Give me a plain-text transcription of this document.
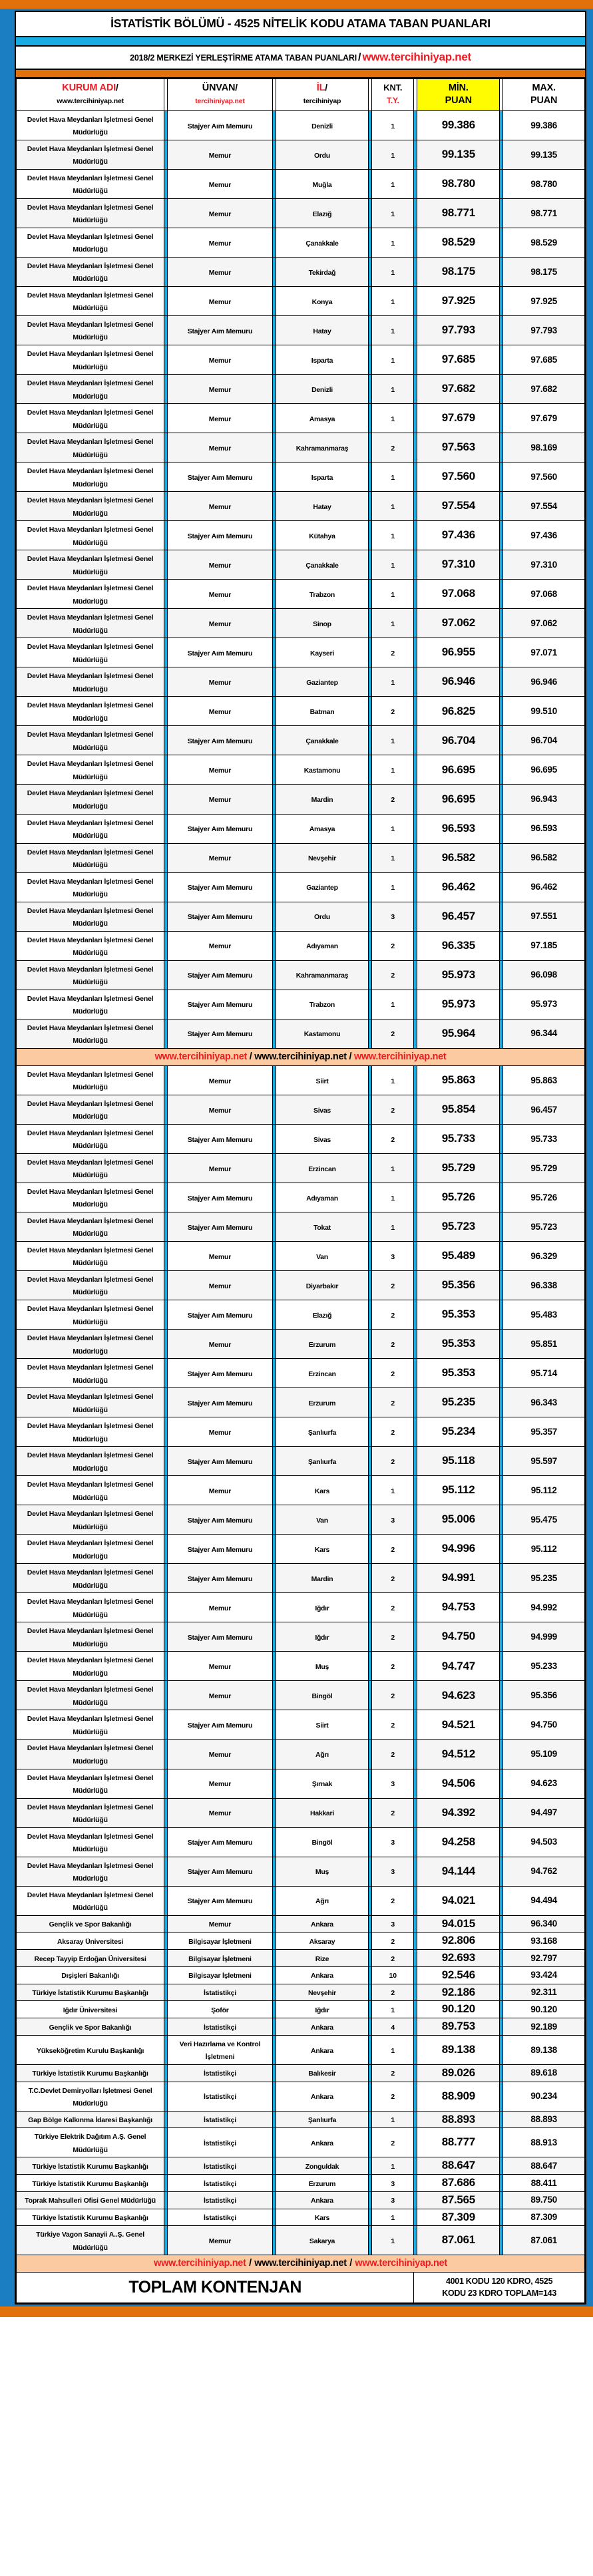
İSTATİSTİK BÖLÜMÜ - 4525 NİTELİK KODU ATAMA TABAN PUANLARI
2018/2 MERKEZİ YERLEŞTİRME ATAMA TABAN PUANLARI / www.tercihiniyap.net
KURUM ADI/
www.tercihiniyap.net

ÜNVAN/
tercihiniyap.net

İL/
tercihiniyap

KNT.
T.Y.

MİN.
PUAN

MAX.
PUAN

Devlet Hava Meydanları İşletmesi Genel Müdürlüğü		Stajyer Aım Memuru		Denizli		1		99.386		99.386
Devlet Hava Meydanları İşletmesi Genel Müdürlüğü		Memur		Ordu		1		99.135		99.135
Devlet Hava Meydanları İşletmesi Genel Müdürlüğü		Memur		Muğla		1		98.780		98.780
Devlet Hava Meydanları İşletmesi Genel Müdürlüğü		Memur		Elazığ		1		98.771		98.771
Devlet Hava Meydanları İşletmesi Genel Müdürlüğü		Memur		Çanakkale		1		98.529		98.529
Devlet Hava Meydanları İşletmesi Genel Müdürlüğü		Memur		Tekirdağ		1		98.175		98.175
Devlet Hava Meydanları İşletmesi Genel Müdürlüğü		Memur		Konya		1		97.925		97.925
Devlet Hava Meydanları İşletmesi Genel Müdürlüğü		Stajyer Aım Memuru		Hatay		1		97.793		97.793
Devlet Hava Meydanları İşletmesi Genel Müdürlüğü		Memur		Isparta		1		97.685		97.685
Devlet Hava Meydanları İşletmesi Genel Müdürlüğü		Memur		Denizli		1		97.682		97.682
Devlet Hava Meydanları İşletmesi Genel Müdürlüğü		Memur		Amasya		1		97.679		97.679
Devlet Hava Meydanları İşletmesi Genel Müdürlüğü		Memur		Kahramanmaraş		2		97.563		98.169
Devlet Hava Meydanları İşletmesi Genel Müdürlüğü		Stajyer Aım Memuru		Isparta		1		97.560		97.560
Devlet Hava Meydanları İşletmesi Genel Müdürlüğü		Memur		Hatay		1		97.554		97.554
Devlet Hava Meydanları İşletmesi Genel Müdürlüğü		Stajyer Aım Memuru		Kütahya		1		97.436		97.436
Devlet Hava Meydanları İşletmesi Genel Müdürlüğü		Memur		Çanakkale		1		97.310		97.310
Devlet Hava Meydanları İşletmesi Genel Müdürlüğü		Memur		Trabzon		1		97.068		97.068
Devlet Hava Meydanları İşletmesi Genel Müdürlüğü		Memur		Sinop		1		97.062		97.062
Devlet Hava Meydanları İşletmesi Genel Müdürlüğü		Stajyer Aım Memuru		Kayseri		2		96.955		97.071
Devlet Hava Meydanları İşletmesi Genel Müdürlüğü		Memur		Gaziantep		1		96.946		96.946
Devlet Hava Meydanları İşletmesi Genel Müdürlüğü		Memur		Batman		2		96.825		99.510
Devlet Hava Meydanları İşletmesi Genel Müdürlüğü		Stajyer Aım Memuru		Çanakkale		1		96.704		96.704
Devlet Hava Meydanları İşletmesi Genel Müdürlüğü		Memur		Kastamonu		1		96.695		96.695
Devlet Hava Meydanları İşletmesi Genel Müdürlüğü		Memur		Mardin		2		96.695		96.943
Devlet Hava Meydanları İşletmesi Genel Müdürlüğü		Stajyer Aım Memuru		Amasya		1		96.593		96.593
Devlet Hava Meydanları İşletmesi Genel Müdürlüğü		Memur		Nevşehir		1		96.582		96.582
Devlet Hava Meydanları İşletmesi Genel Müdürlüğü		Stajyer Aım Memuru		Gaziantep		1		96.462		96.462
Devlet Hava Meydanları İşletmesi Genel Müdürlüğü		Stajyer Aım Memuru		Ordu		3		96.457		97.551
Devlet Hava Meydanları İşletmesi Genel Müdürlüğü		Memur		Adıyaman		2		96.335		97.185
Devlet Hava Meydanları İşletmesi Genel Müdürlüğü		Stajyer Aım Memuru		Kahramanmaraş		2		95.973		96.098
Devlet Hava Meydanları İşletmesi Genel Müdürlüğü		Stajyer Aım Memuru		Trabzon		1		95.973		95.973
Devlet Hava Meydanları İşletmesi Genel Müdürlüğü		Stajyer Aım Memuru		Kastamonu		2		95.964		96.344
www.tercihiniyap.net / www.tercihiniyap.net / www.tercihiniyap.net										
Devlet Hava Meydanları İşletmesi Genel Müdürlüğü		Memur		Siirt		1		95.863		95.863
Devlet Hava Meydanları İşletmesi Genel Müdürlüğü		Memur		Sivas		2		95.854		96.457
Devlet Hava Meydanları İşletmesi Genel Müdürlüğü		Stajyer Aım Memuru		Sivas		2		95.733		95.733
Devlet Hava Meydanları İşletmesi Genel Müdürlüğü		Memur		Erzincan		1		95.729		95.729
Devlet Hava Meydanları İşletmesi Genel Müdürlüğü		Stajyer Aım Memuru		Adıyaman		1		95.726		95.726
Devlet Hava Meydanları İşletmesi Genel Müdürlüğü		Stajyer Aım Memuru		Tokat		1		95.723		95.723
Devlet Hava Meydanları İşletmesi Genel Müdürlüğü		Memur		Van		3		95.489		96.329
Devlet Hava Meydanları İşletmesi Genel Müdürlüğü		Memur		Diyarbakır		2		95.356		96.338
Devlet Hava Meydanları İşletmesi Genel Müdürlüğü		Stajyer Aım Memuru		Elazığ		2		95.353		95.483
Devlet Hava Meydanları İşletmesi Genel Müdürlüğü		Memur		Erzurum		2		95.353		95.851
Devlet Hava Meydanları İşletmesi Genel Müdürlüğü		Stajyer Aım Memuru		Erzincan		2		95.353		95.714
Devlet Hava Meydanları İşletmesi Genel Müdürlüğü		Stajyer Aım Memuru		Erzurum		2		95.235		96.343
Devlet Hava Meydanları İşletmesi Genel Müdürlüğü		Memur		Şanlıurfa		2		95.234		95.357
Devlet Hava Meydanları İşletmesi Genel Müdürlüğü		Stajyer Aım Memuru		Şanlıurfa		2		95.118		95.597
Devlet Hava Meydanları İşletmesi Genel Müdürlüğü		Memur		Kars		1		95.112		95.112
Devlet Hava Meydanları İşletmesi Genel Müdürlüğü		Stajyer Aım Memuru		Van		3		95.006		95.475
Devlet Hava Meydanları İşletmesi Genel Müdürlüğü		Stajyer Aım Memuru		Kars		2		94.996		95.112
Devlet Hava Meydanları İşletmesi Genel Müdürlüğü		Stajyer Aım Memuru		Mardin		2		94.991		95.235
Devlet Hava Meydanları İşletmesi Genel Müdürlüğü		Memur		Iğdır		2		94.753		94.992
Devlet Hava Meydanları İşletmesi Genel Müdürlüğü		Stajyer Aım Memuru		Iğdır		2		94.750		94.999
Devlet Hava Meydanları İşletmesi Genel Müdürlüğü		Memur		Muş		2		94.747		95.233
Devlet Hava Meydanları İşletmesi Genel Müdürlüğü		Memur		Bingöl		2		94.623		95.356
Devlet Hava Meydanları İşletmesi Genel Müdürlüğü		Stajyer Aım Memuru		Siirt		2		94.521		94.750
Devlet Hava Meydanları İşletmesi Genel Müdürlüğü		Memur		Ağrı		2		94.512		95.109
Devlet Hava Meydanları İşletmesi Genel Müdürlüğü		Memur		Şırnak		3		94.506		94.623
Devlet Hava Meydanları İşletmesi Genel Müdürlüğü		Memur		Hakkari		2		94.392		94.497
Devlet Hava Meydanları İşletmesi Genel Müdürlüğü		Stajyer Aım Memuru		Bingöl		3		94.258		94.503
Devlet Hava Meydanları İşletmesi Genel Müdürlüğü		Stajyer Aım Memuru		Muş		3		94.144		94.762
Devlet Hava Meydanları İşletmesi Genel Müdürlüğü		Stajyer Aım Memuru		Ağrı		2		94.021		94.494
Gençlik ve Spor Bakanlığı		Memur		Ankara		3		94.015		96.340
Aksaray Üniversitesi		Bilgisayar İşletmeni		Aksaray		2		92.806		93.168
Recep Tayyip Erdoğan Üniversitesi		Bilgisayar İşletmeni		Rize		2		92.693		92.797
Dışişleri Bakanlığı		Bilgisayar İşletmeni		Ankara		10		92.546		93.424
Türkiye İstatistik Kurumu Başkanlığı		İstatistikçi		Nevşehir		2		92.186		92.311
Iğdır Üniversitesi		Şoför		Iğdır		1		90.120		90.120
Gençlik ve Spor Bakanlığı		İstatistikçi		Ankara		4		89.753		92.189
Yükseköğretim Kurulu Başkanlığı		Veri Hazırlama ve Kontrol İşletmeni		Ankara		1		89.138		89.138
Türkiye İstatistik Kurumu Başkanlığı		İstatistikçi		Balıkesir		2		89.026		89.618
T.C.Devlet Demiryolları İşletmesi Genel Müdürlüğü		İstatistikçi		Ankara		2		88.909		90.234
Gap Bölge Kalkınma İdaresi Başkanlığı		İstatistikçi		Şanlıurfa		1		88.893		88.893
Türkiye Elektrik Dağıtım A.Ş. Genel Müdürlüğü		İstatistikçi		Ankara		2		88.777		88.913
Türkiye İstatistik Kurumu Başkanlığı		İstatistikçi		Zonguldak		1		88.647		88.647
Türkiye İstatistik Kurumu Başkanlığı		İstatistikçi		Erzurum		3		87.686		88.411
Toprak Mahsulleri Ofisi Genel Müdürlüğü		İstatistikçi		Ankara		3		87.565		89.750
Türkiye İstatistik Kurumu Başkanlığı		İstatistikçi		Kars		1		87.309		87.309
Türkiye Vagon Sanayii A..Ş. Genel Müdürlüğü		Memur		Sakarya		1		87.061		87.061
www.tercihiniyap.net / www.tercihiniyap.net / www.tercihiniyap.net										
TOPLAM KONTENJAN							4001 KODU 120 KDRO, 4525
KODU 23 KDRO TOPLAM=143			
